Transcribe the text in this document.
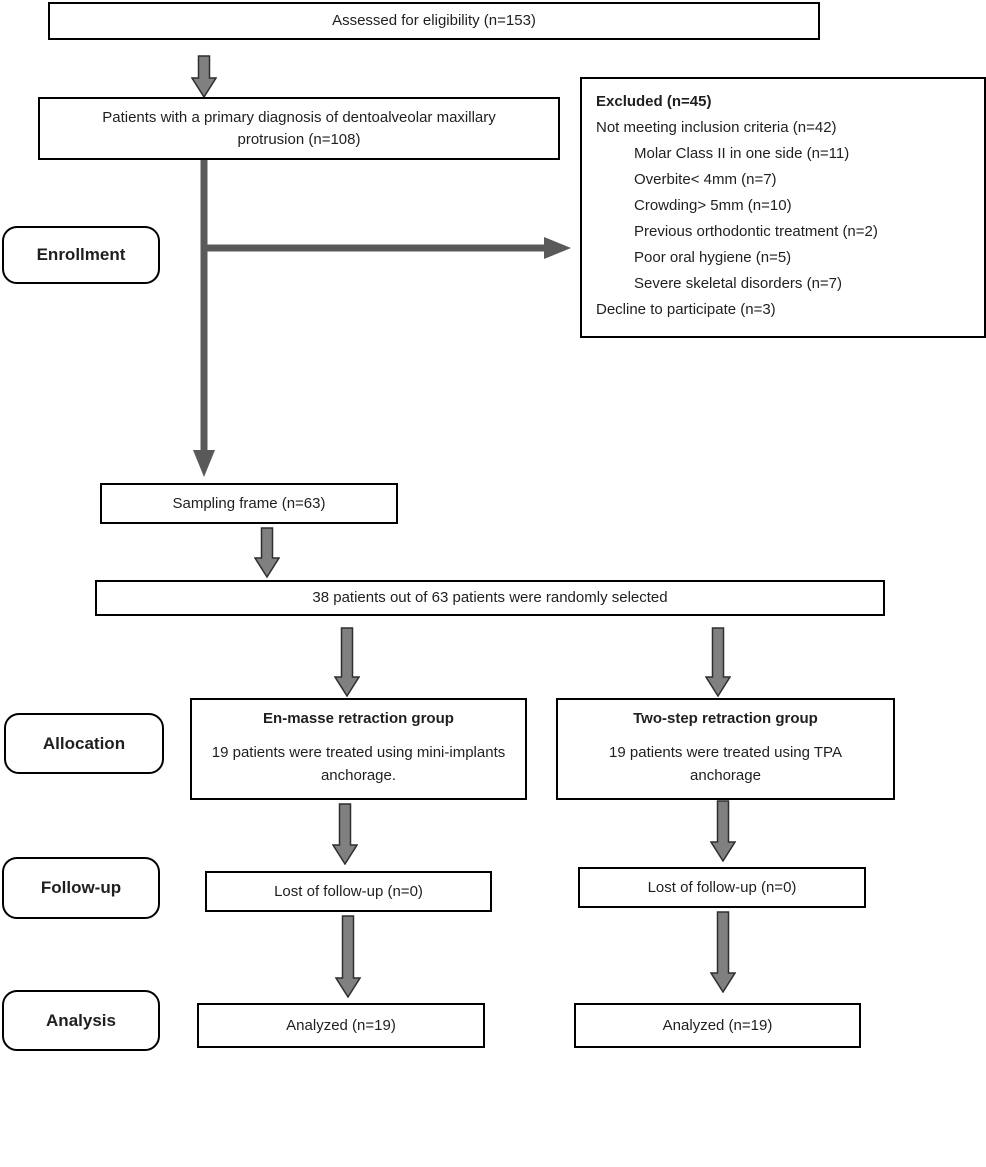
Assessed for eligibility (n=153)
Patients with a primary diagnosis of dentoalveolar maxillary protrusion (n=108)
Excluded (n=45)
Not meeting inclusion criteria (n=42)
Molar Class II in one side (n=11)
Overbite< 4mm (n=7)
Crowding> 5mm (n=10)
Previous orthodontic treatment (n=2)
Poor oral hygiene (n=5)
Severe skeletal disorders (n=7)
Decline to participate (n=3)
Enrollment
Sampling frame (n=63)
38 patients out of 63 patients were randomly selected
Allocation
En-masse retraction group
19 patients were treated using mini-implants anchorage.
Two-step retraction group
19 patients were treated using TPA anchorage
Follow-up	Lost of follow-up (n=0)	Lost of follow-up (n=0)
Analysis	Analyzed (n=19)	Analyzed (n=19)
